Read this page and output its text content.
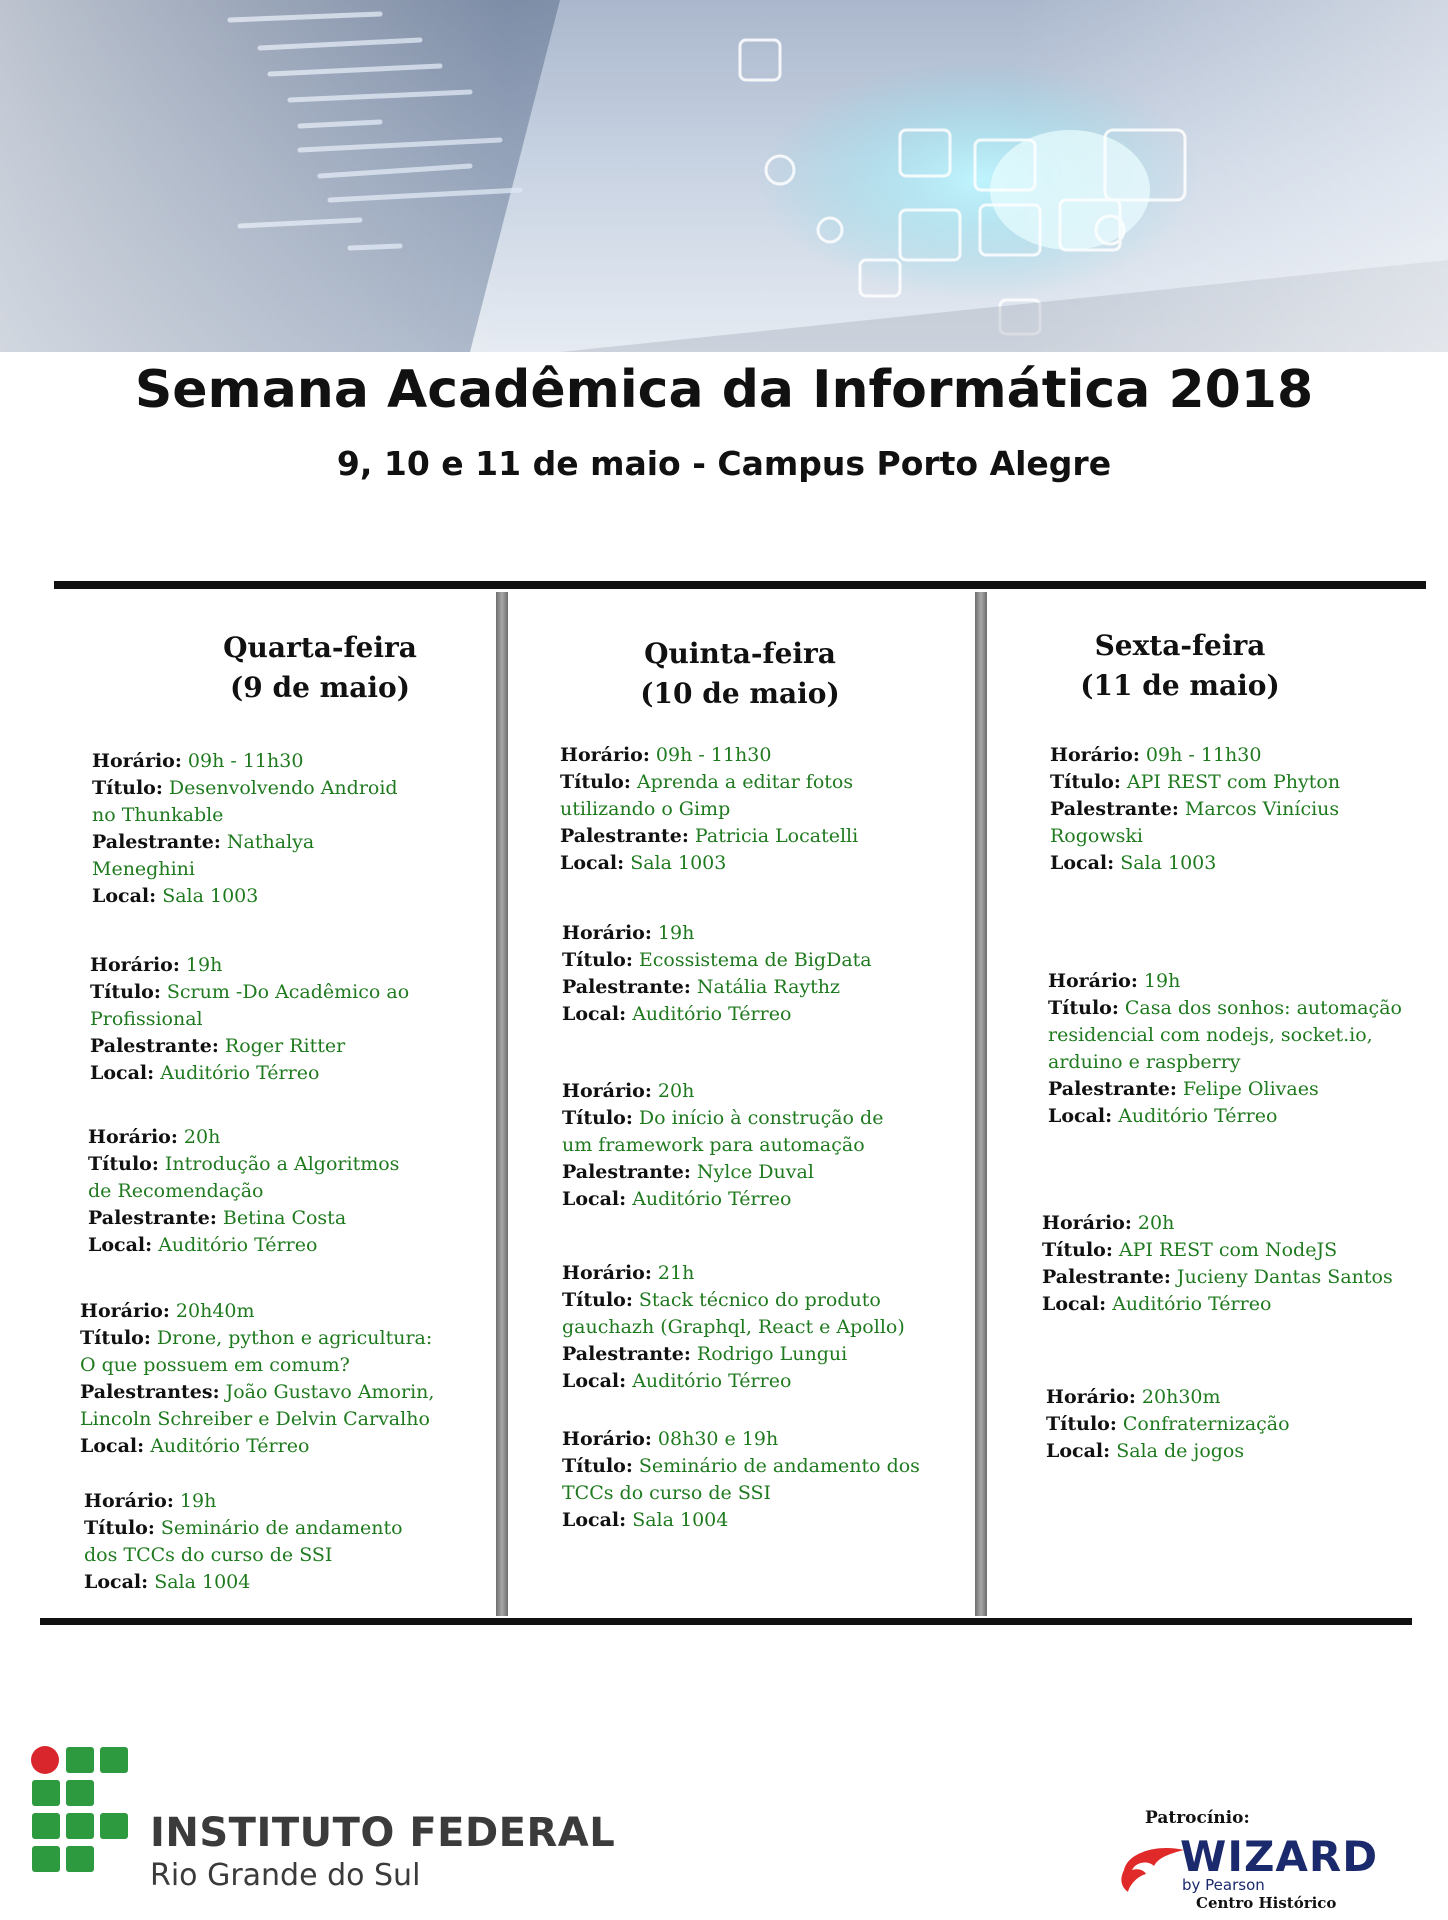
Semana Acadêmica da Informática 2018
9, 10 e 11 de maio - Campus Porto Alegre
Quarta-feira
(9 de maio)
Horário: 09h - 11h30
Título: Desenvolvendo Android
no Thunkable
Palestrante: Nathalya
Meneghini
Local: Sala 1003
Horário: 19h
Título: Scrum -Do Acadêmico ao
Profissional
Palestrante: Roger Ritter
Local: Auditório Térreo
Horário: 20h
Título: Introdução a Algoritmos
de Recomendação
Palestrante: Betina Costa
Local: Auditório Térreo
Horário: 20h40m
Título: Drone, python e agricultura:
O que possuem em comum?
Palestrantes: João Gustavo Amorin,
Lincoln Schreiber e Delvin Carvalho
Local: Auditório Térreo
Horário: 19h
Título: Seminário de andamento
dos TCCs do curso de SSI
Local: Sala 1004
Quinta-feira
(10 de maio)
Horário: 09h - 11h30
Título: Aprenda a editar fotos
utilizando o Gimp
Palestrante: Patricia Locatelli
Local: Sala 1003
Horário: 19h
Título: Ecossistema de BigData
Palestrante: Natália Raythz
Local: Auditório Térreo
Horário: 20h
Título: Do início à construção de
um framework para automação
Palestrante: Nylce Duval
Local: Auditório Térreo
Horário: 21h
Título: Stack técnico do produto
gauchazh (Graphql, React e Apollo)
Palestrante: Rodrigo Lungui
Local: Auditório Térreo
Horário: 08h30 e 19h
Título: Seminário de andamento dos
TCCs do curso de SSI
Local: Sala 1004
Sexta-feira
(11 de maio)
Horário: 09h - 11h30
Título: API REST com Phyton
Palestrante: Marcos Vinícius
Rogowski
Local: Sala 1003
Horário: 19h
Título: Casa dos sonhos: automação
residencial com nodejs, socket.io,
arduino e raspberry
Palestrante: Felipe Olivaes
Local: Auditório Térreo
Horário: 20h
Título: API REST com NodeJS
Palestrante: Jucieny Dantas Santos
Local: Auditório Térreo
Horário: 20h30m
Título: Confraternização
Local: Sala de jogos
INSTITUTO FEDERAL
Rio Grande do Sul
Patrocínio:
WIZARD
by Pearson
Centro Histórico
